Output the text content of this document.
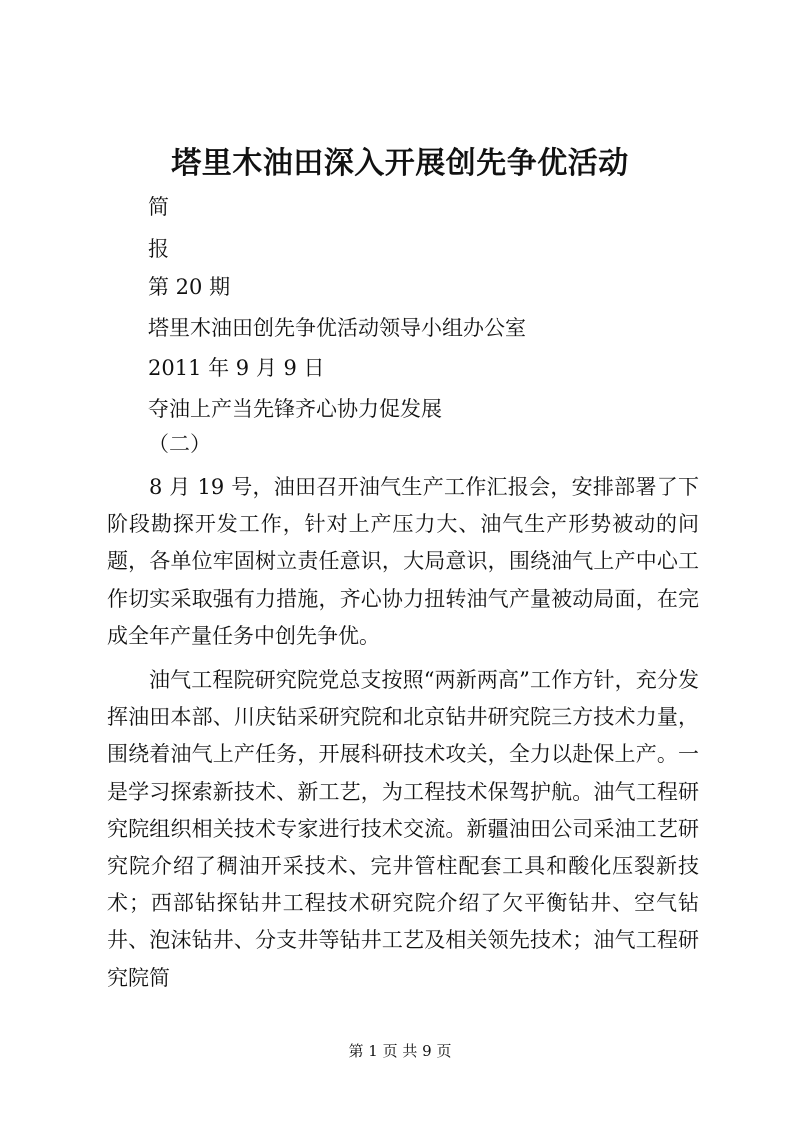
塔里木油田深入开展创先争优活动
简
报
第 20 期
塔里木油田创先争优活动领导小组办公室
2011 年 9 月 9 日
夺油上产当先锋齐心协力促发展
（二）

8 月 19 号，油田召开油气生产工作汇报会，安排部署了下阶段勘探开发工作，针对上产压力大、油气生产形势被动的问题，各单位牢固树立责任意识，大局意识，围绕油气上产中心工作切实采取强有力措施，齐心协力扭转油气产量被动局面，在完成全年产量任务中创先争优。

油气工程院研究院党总支按照“两新两高”工作方针，充分发挥油田本部、川庆钻采研究院和北京钻井研究院三方技术力量，围绕着油气上产任务，开展科研技术攻关，全力以赴保上产。一是学习探索新技术、新工艺，为工程技术保驾护航。油气工程研究院组织相关技术专家进行技术交流。新疆油田公司采油工艺研究院介绍了稠油开采技术、完井管柱配套工具和酸化压裂新技术；西部钻探钻井工程技术研究院介绍了欠平衡钻井、空气钻井、泡沫钻井、分支井等钻井工艺及相关领先技术；油气工程研究院简

第 1 页 共 9 页
